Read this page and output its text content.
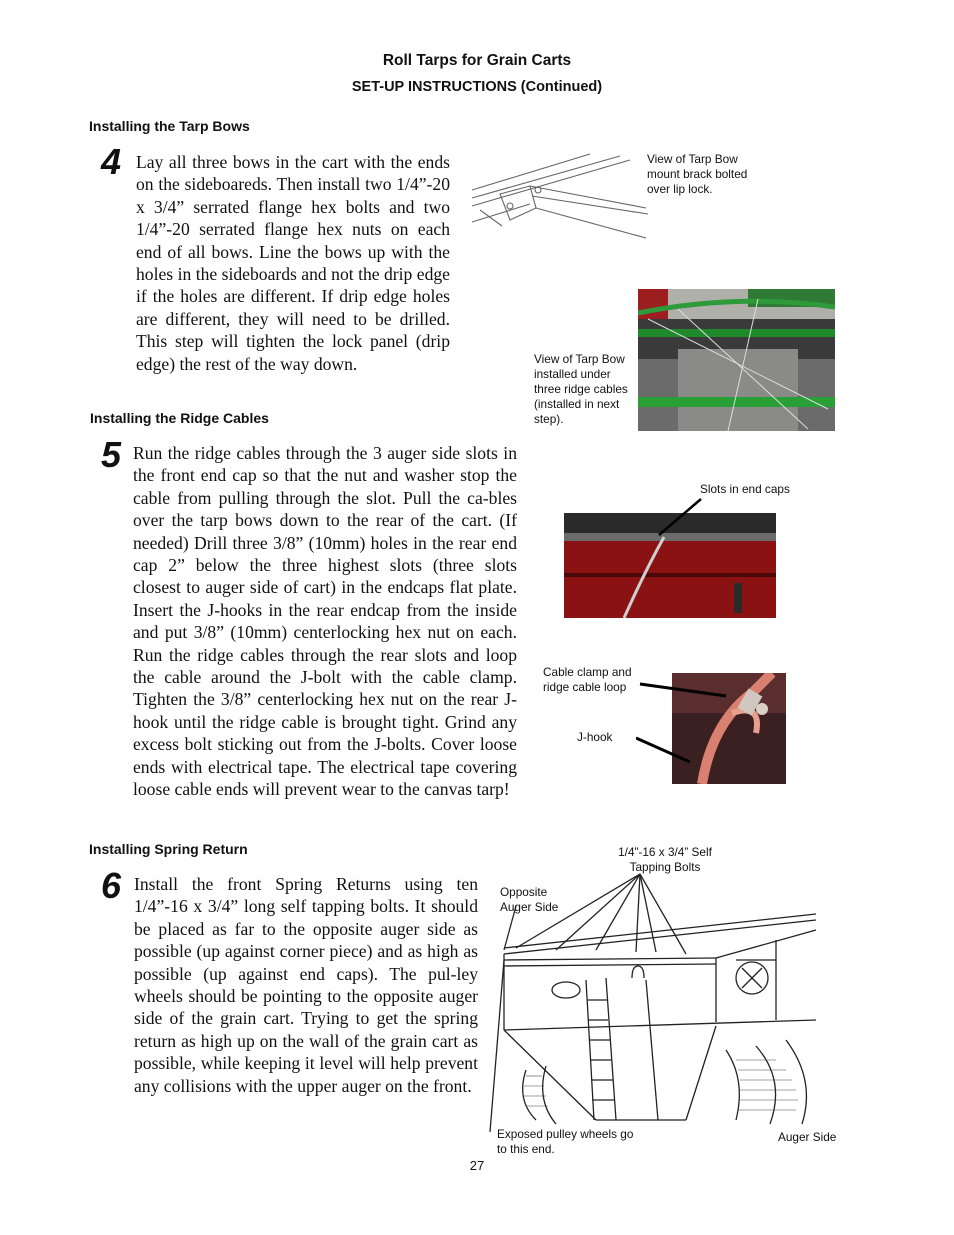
Roll Tarps for Grain Carts
SET-UP INSTRUCTIONS (Continued)
Installing the Tarp Bows
4 Lay all three bows in the cart with the ends on the sideboareds. Then install two 1/4”-20 x 3/4” serrated flange hex bolts and two 1/4”-20 serrated flange hex nuts on each end of all bows. Line the bows up with the holes in the sideboards and not the drip edge if the holes are different. If drip edge holes are different, they will need to be drilled. This step will tighten the lock panel (drip edge) the rest of the way down.
View of Tarp Bow mount brack bolted over lip lock.
View of Tarp Bow installed under three ridge cables (installed in next step).
Installing the Ridge Cables
5 Run the ridge cables through the 3 auger side slots in the front end cap so that the nut and washer stop the cable from pulling through the slot. Pull the ca-bles over the tarp bows down to the rear of the cart. (If needed) Drill three 3/8” (10mm) holes in the rear end cap 2” below the three highest slots (three slots closest to auger side of cart) in the endcaps flat plate. Insert the J-hooks in the rear endcap from the inside and put 3/8” (10mm) centerlocking hex nut on each. Run the ridge cables through the rear slots and loop the cable around the J-bolt with the cable clamp. Tighten the 3/8” centerlocking hex nut on the rear J-hook until the ridge cable is brought tight. Grind any excess bolt sticking out from the J-bolts. Cover loose ends with electrical tape. The electrical tape covering loose cable ends will prevent wear to the canvas tarp!
Slots in end caps
Cable clamp and ridge cable loop
J-hook
Installing Spring Return
6 Install the front Spring Returns using ten 1/4”-16 x 3/4” long self tapping bolts. It should be placed as far to the opposite auger side as possible (up against corner piece) and as high as possible (up against end caps). The pul-ley wheels should be pointing to the opposite auger side of the grain cart. Trying to get the spring return as high up on the wall of the grain cart as possible, while keeping it level will help prevent any collisions with the upper auger on the front.
1/4”-16 x 3/4” Self Tapping Bolts
Opposite Auger Side
Exposed pulley wheels go to this end.
Auger Side
27
